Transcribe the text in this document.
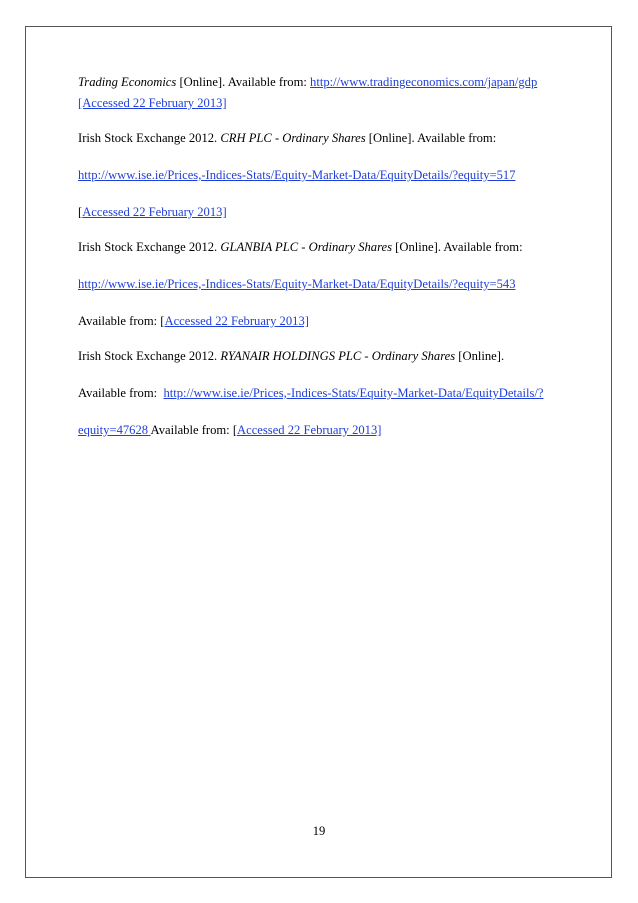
Trading Economics [Online]. Available from: http://www.tradingeconomics.com/japan/gdp
[Accessed 22 February 2013]
Irish Stock Exchange 2012. CRH PLC - Ordinary Shares [Online]. Available from:
http://www.ise.ie/Prices,-Indices-Stats/Equity-Market-Data/EquityDetails/?equity=517
[Accessed 22 February 2013]
Irish Stock Exchange 2012. GLANBIA PLC - Ordinary Shares [Online]. Available from:
http://www.ise.ie/Prices,-Indices-Stats/Equity-Market-Data/EquityDetails/?equity=543
Available from: [Accessed 22 February 2013]
Irish Stock Exchange 2012. RYANAIR HOLDINGS PLC - Ordinary Shares [Online].
Available from:  http://www.ise.ie/Prices,-Indices-Stats/Equity-Market-Data/EquityDetails/?
equity=47628 Available from: [Accessed 22 February 2013]
19
